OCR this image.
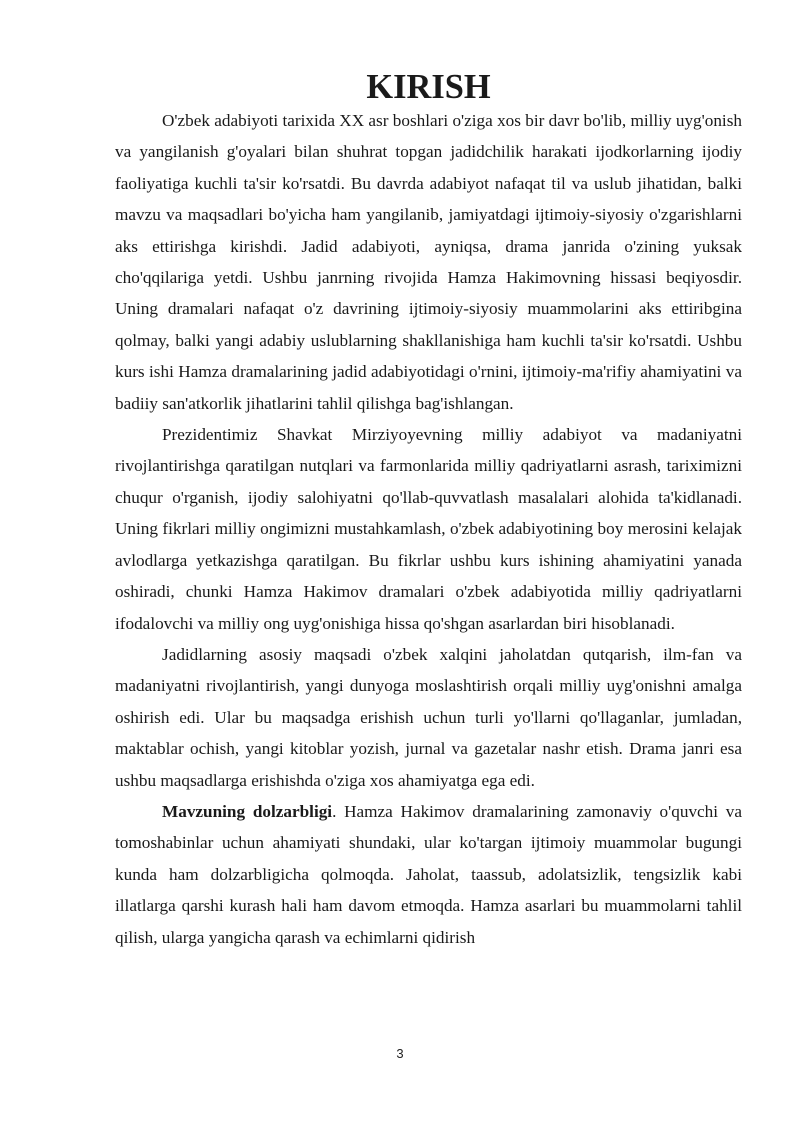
KIRISH

O'zbek adabiyoti tarixida XX asr boshlari o'ziga xos bir davr bo'lib, milliy uyg'onish va yangilanish g'oyalari bilan shuhrat topgan jadidchilik harakati ijodkorlarning ijodiy faoliyatiga kuchli ta'sir ko'rsatdi. Bu davrda adabiyot nafaqat til va uslub jihatidan, balki mavzu va maqsadlari bo'yicha ham yangilanib, jamiyatdagi ijtimoiy-siyosiy o'zgarishlarni aks ettirishga kirishdi. Jadid adabiyoti, ayniqsa, drama janrida o'zining yuksak cho'qqilariga yetdi. Ushbu janrning rivojida Hamza Hakimovning hissasi beqiyosdir. Uning dramalari nafaqat o'z davrining ijtimoiy-siyosiy muammolarini aks ettiribgina qolmay, balki yangi adabiy uslublarning shakllanishiga ham kuchli ta'sir ko'rsatdi. Ushbu kurs ishi Hamza dramalarining jadid adabiyotidagi o'rnini, ijtimoiy-ma'rifiy ahamiyatini va badiiy san'atkorlik jihatlarini tahlil qilishga bag'ishlangan.

Prezidentimiz Shavkat Mirziyoyevning milliy adabiyot va madaniyatni rivojlantirishga qaratilgan nutqlari va farmonlarida milliy qadriyatlarni asrash, tariximizni chuqur o'rganish, ijodiy salohiyatni qo'llab-quvvatlash masalalari alohida ta'kidlanadi. Uning fikrlari milliy ongimizni mustahkamlash, o'zbek adabiyotining boy merosini kelajak avlodlarga yetkazishga qaratilgan. Bu fikrlar ushbu kurs ishining ahamiyatini yanada oshiradi, chunki Hamza Hakimov dramalari o'zbek adabiyotida milliy qadriyatlarni ifodalovchi va milliy ong uyg'onishiga hissa qo'shgan asarlardan biri hisoblanadi.

Jadidlarning asosiy maqsadi o'zbek xalqini jaholatdan qutqarish, ilm-fan va madaniyatni rivojlantirish, yangi dunyoga moslashtirish orqali milliy uyg'onishni amalga oshirish edi. Ular bu maqsadga erishish uchun turli yo'llarni qo'llaganlar, jumladan, maktablar ochish, yangi kitoblar yozish, jurnal va gazetalar nashr etish. Drama janri esa ushbu maqsadlarga erishishda o'ziga xos ahamiyatga ega edi.

Mavzuning dolzarbligi. Hamza Hakimov dramalarining zamonaviy o'quvchi va tomoshabinlar uchun ahamiyati shundaki, ular ko'targan ijtimoiy muammolar bugungi kunda ham dolzarbligicha qolmoqda. Jaholat, taassub, adolatsizlik, tengsizlik kabi illatlarga qarshi kurash hali ham davom etmoqda. Hamza asarlari bu muammolarni tahlil qilish, ularga yangicha qarash va echimlarni qidirish

3
